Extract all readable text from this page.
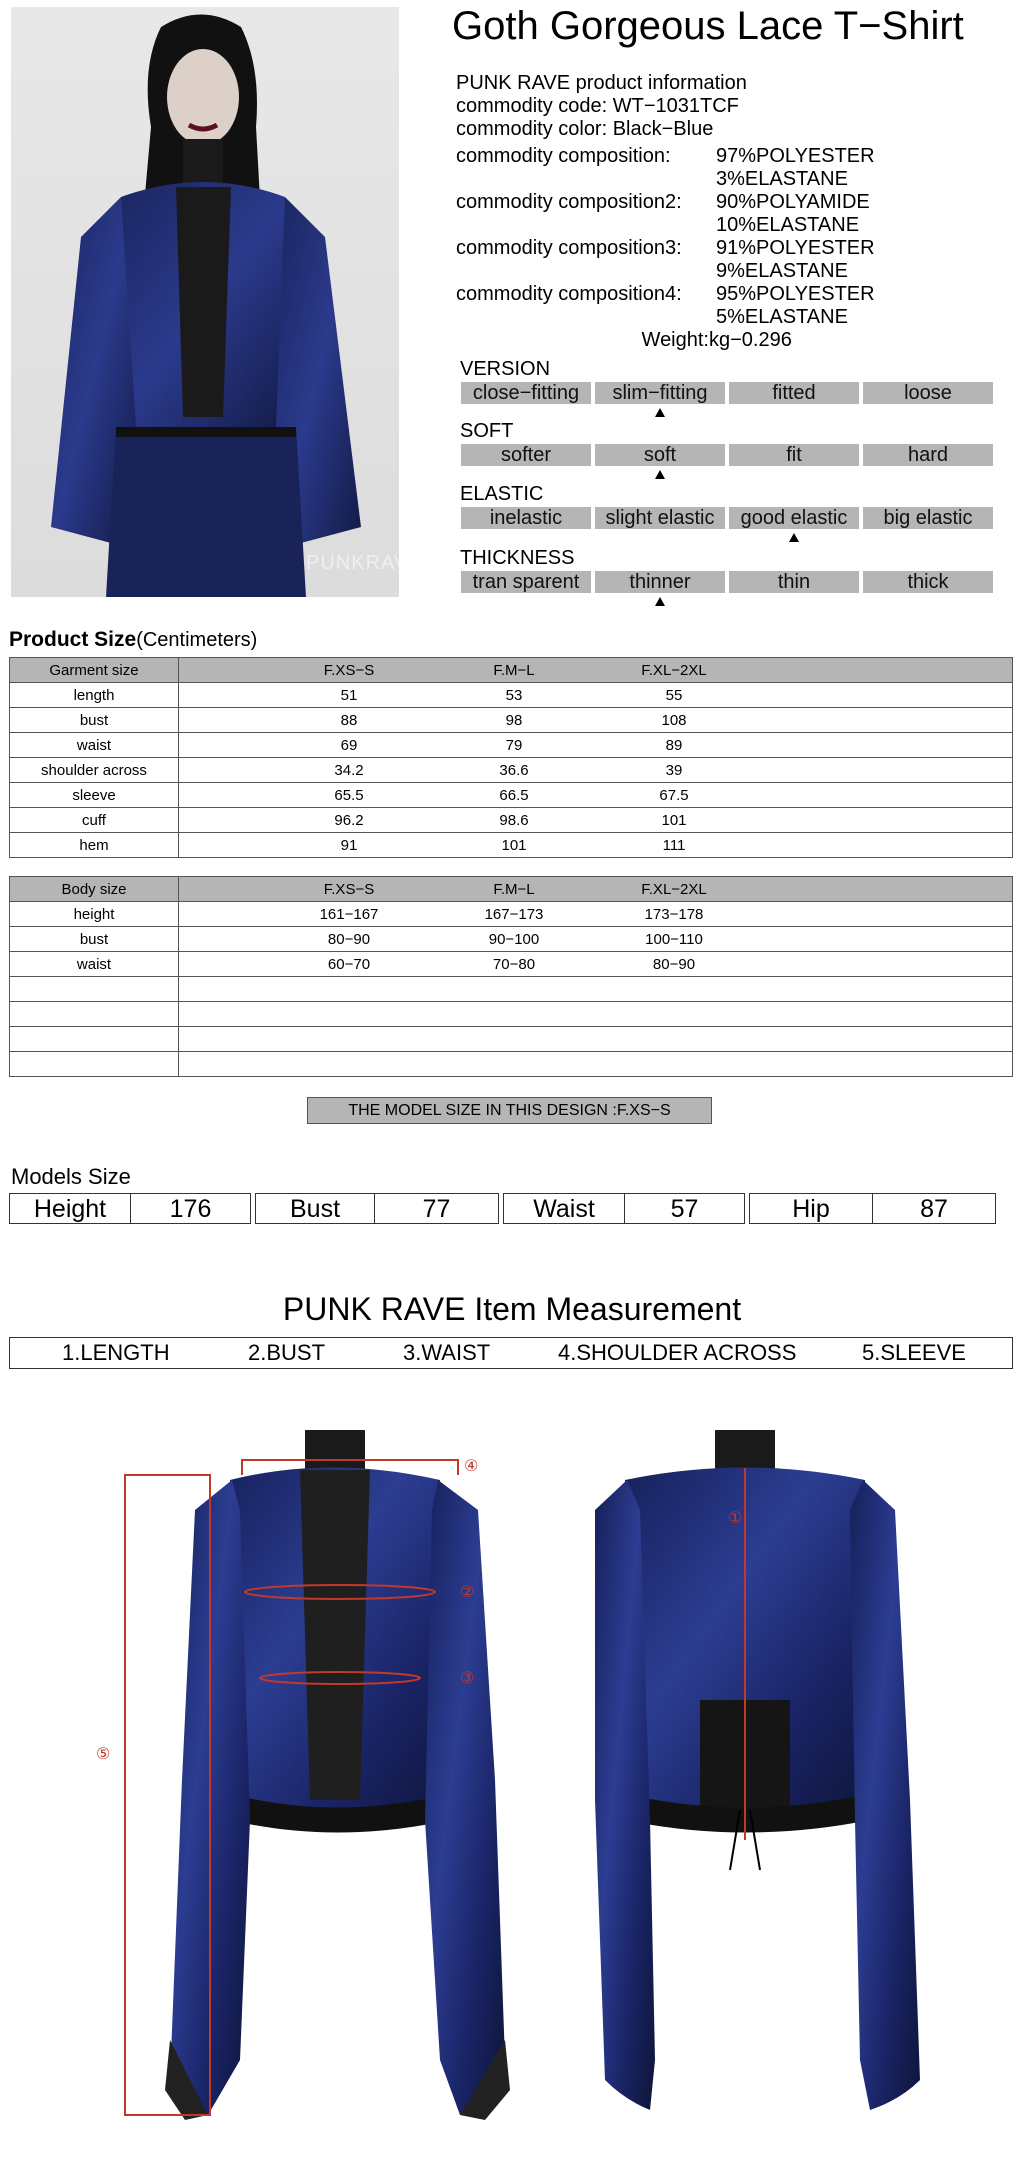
PUNKRAVE
Goth Gorgeous Lace T−Shirt
PUNK RAVE product information
commodity code:
WT−1031TCF
commodity color:
Black−Blue
commodity composition:	97%POLYESTER
3%ELASTANE
commodity composition2:	90%POLYAMIDE
10%ELASTANE
commodity composition3:	91%POLYESTER
9%ELASTANE
commodity composition4:	95%POLYESTER
5%ELASTANE
Weight: kg−0.296
VERSION
close−fitting	slim−fitting	fitted	loose
SOFT
softer	soft	fit	hard
ELASTIC
inelastic	slight elastic	good elastic	big elastic
THICKNESS
tran sparent	thinner	thin	thick
Product Size(Centimeters)
Garment size	F.XS−S F.M−L F.XL−2XL

length	51 53 55

bust	88 98 108

waist	69 79 89

shoulder across	34.2 36.6 39

sleeve	65.5 66.5 67.5

cuff	96.2 98.6 101

hem	91 101 111
Body size	F.XS−S F.M−L F.XL−2XL

height	161−167 167−173 173−178

bust	80−90 90−100 100−110

waist	60−70 70−80 80−90

THE MODEL SIZE IN THIS DESIGN :F.XS−S
Models Size
Height	176	Bust	77	Waist	57	Hip	87
PUNK RAVE Item Measurement
1.LENGTH	2.BUST	3.WAIST	4.SHOULDER ACROSS	5.SLEEVE
①
②
③
④
⑤
